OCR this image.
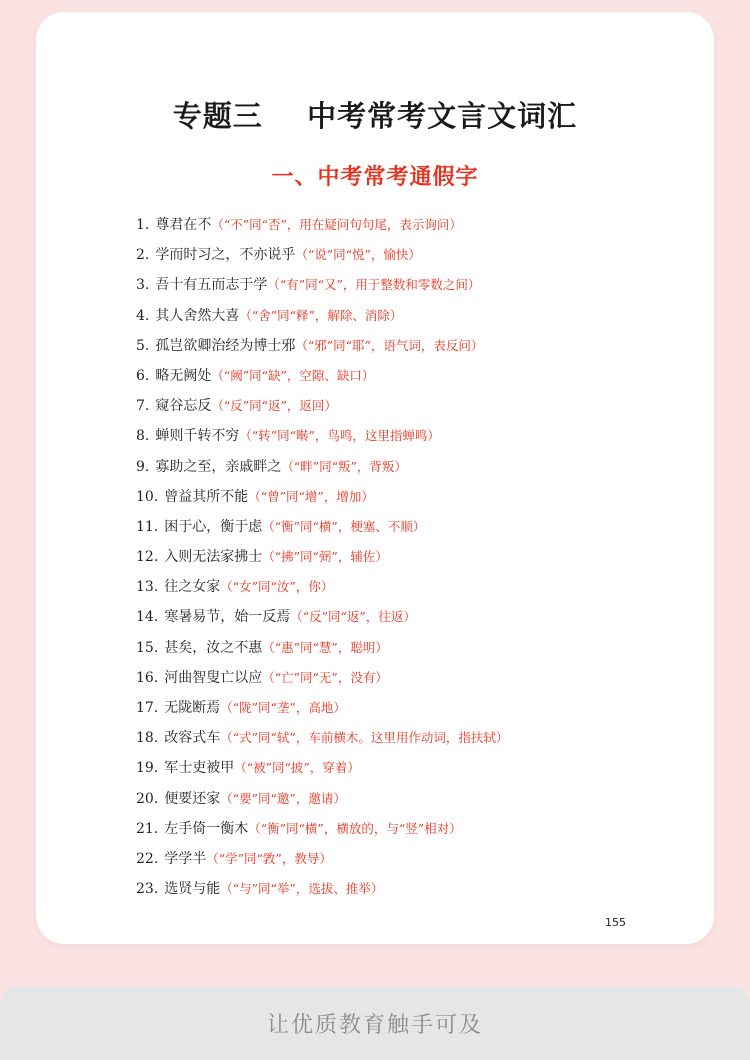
专题三    中考常考文言文词汇
一、中考常考通假字
1. 尊君在不（“不”同“否”，用在疑问句句尾，表示询问）
2. 学而时习之，不亦说乎（“说”同“悦”，愉快）
3. 吾十有五而志于学（“有”同“又”，用于整数和零数之间）
4. 其人舍然大喜（“舍”同“释”，解除、消除）
5. 孤岂欲卿治经为博士邪（“邪”同“耶”，语气词，表反问）
6. 略无阙处（“阙”同“缺”，空隙、缺口）
7. 窥谷忘反（“反”同“返”，返回）
8. 蝉则千转不穷（“转”同“啭”，鸟鸣，这里指蝉鸣）
9. 寡助之至，亲戚畔之（“畔”同“叛”，背叛）
10. 曾益其所不能（“曾”同“增”，增加）
11. 困于心，衡于虑（“衡”同“横”，梗塞、不顺）
12. 入则无法家拂士（“拂”同“弼”，辅佐）
13. 往之女家（“女”同“汝”，你）
14. 寒暑易节，始一反焉（“反”同“返”，往返）
15. 甚矣，汝之不惠（“惠”同“慧”，聪明）
16. 河曲智叟亡以应（“亡”同“无”，没有）
17. 无陇断焉（“陇”同“垄”，高地）
18. 改容式车（“式”同“轼”，车前横木。这里用作动词，指扶轼）
19. 军士吏被甲（“被”同“披”，穿着）
20. 便要还家（“要”同“邀”，邀请）
21. 左手倚一衡木（“衡”同“横”，横放的，与“竖”相对）
22. 学学半（“学”同“敩”，教导）
23. 选贤与能（“与”同“举”，选拔、推举）
155
让优质教育触手可及
